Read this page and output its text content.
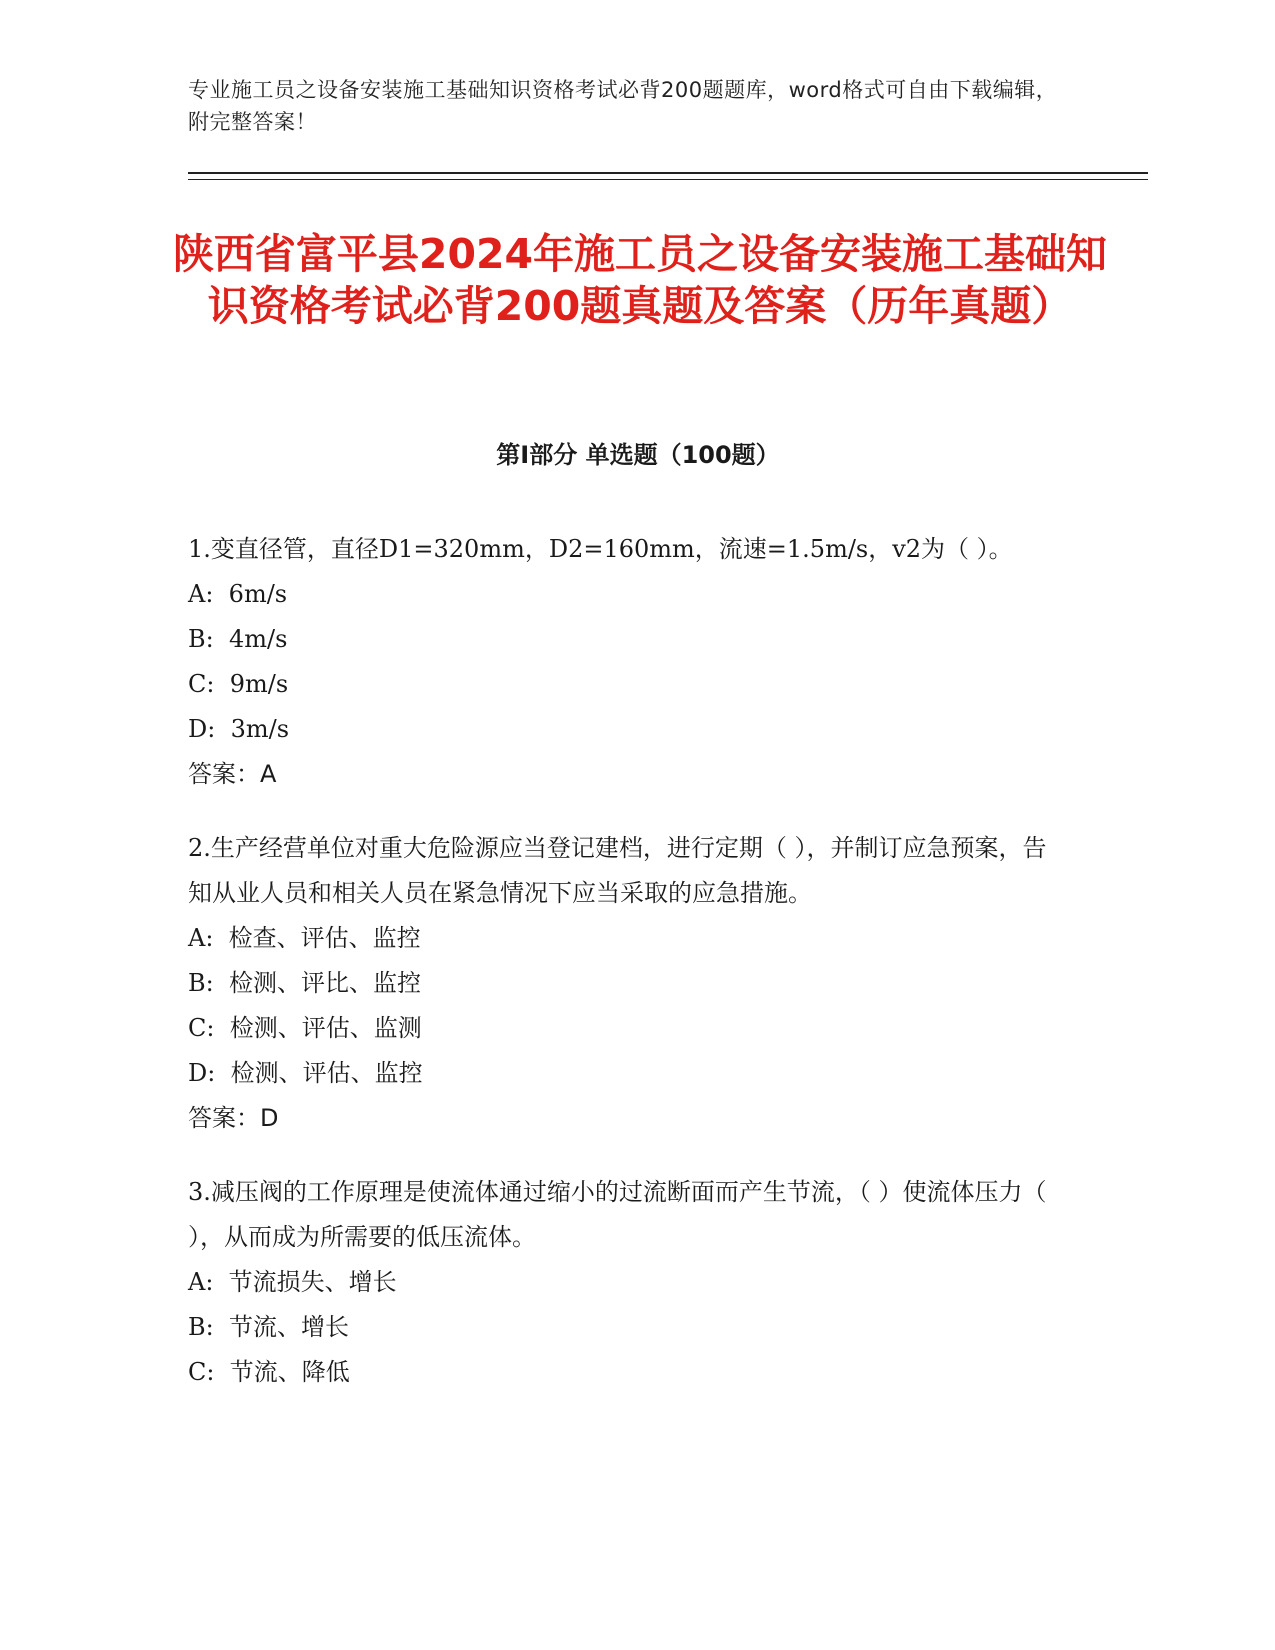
专业施工员之设备安装施工基础知识资格考试必背200题题库，word格式可自由下载编辑，附完整答案！
陕西省富平县2024年施工员之设备安装施工基础知识资格考试必背200题真题及答案（历年真题）
第I部分 单选题（100题）
1.变直径管，直径D1=320mm，D2=160mm，流速=1.5m/s，v2为（ ）。
A:  6m/s
B:  4m/s
C:  9m/s
D:  3m/s
答案：A
2.生产经营单位对重大危险源应当登记建档，进行定期（ ），并制订应急预案，告知从业人员和相关人员在紧急情况下应当采取的应急措施。
A:  检查、评估、监控
B:  检测、评比、监控
C:  检测、评估、监测
D:  检测、评估、监控
答案：D
3.减压阀的工作原理是使流体通过缩小的过流断面而产生节流，（ ）使流体压力（ ），从而成为所需要的低压流体。
A:  节流损失、增长
B:  节流、增长
C:  节流、降低
